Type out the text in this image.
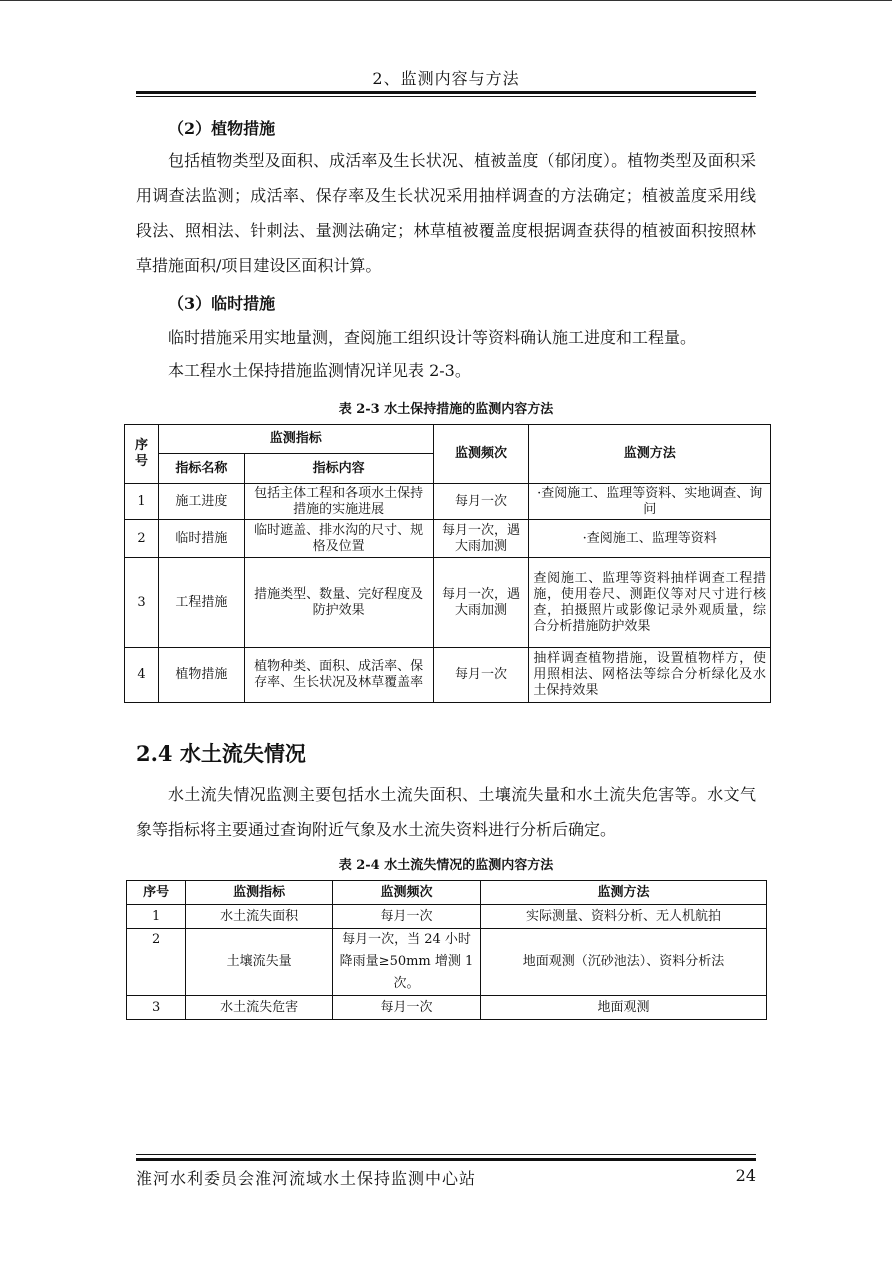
2、监测内容与方法
（2）植物措施
包括植物类型及面积、成活率及生长状况、植被盖度（郁闭度）。植物类型及面积采用调查法监测；成活率、保存率及生长状况采用抽样调查的方法确定；植被盖度采用线段法、照相法、针刺法、量测法确定；林草植被覆盖度根据调查获得的植被面积按照林草措施面积/项目建设区面积计算。
（3）临时措施
临时措施采用实地量测，查阅施工组织设计等资料确认施工进度和工程量。
本工程水土保持措施监测情况详见表 2-3。
表 2-3 水土保持措施的监测内容方法
序号	监测指标		监测频次	监测方法
	指标名称	指标内容		
1	施工进度	包括主体工程和各项水土保持措施的实施进展	每月一次	·查阅施工、监理等资料、实地调查、询问
2	临时措施	临时遮盖、排水沟的尺寸、规格及位置	每月一次，遇大雨加测	·查阅施工、监理等资料
3	工程措施	措施类型、数量、完好程度及防护效果	每月一次，遇大雨加测	查阅施工、监理等资料抽样调查工程措施，使用卷尺、测距仪等对尺寸进行核查，拍摄照片或影像记录外观质量，综合分析措施防护效果
4	植物措施	植物种类、面积、成活率、保存率、生长状况及林草覆盖率	每月一次	抽样调查植物措施，设置植物样方，使用照相法、网格法等综合分析绿化及水土保持效果
2.4 水土流失情况
水土流失情况监测主要包括水土流失面积、土壤流失量和水土流失危害等。水文气象等指标将主要通过查询附近气象及水土流失资料进行分析后确定。
表 2-4 水土流失情况的监测内容方法
序号	监测指标	监测频次	监测方法
1	水土流失面积	每月一次	实际测量、资料分析、无人机航拍
2	土壤流失量	每月一次，当 24 小时降雨量≥50mm 增测 1 次。	地面观测（沉砂池法）、资料分析法
3	水土流失危害	每月一次	地面观测
淮河水利委员会淮河流域水土保持监测中心站	24
